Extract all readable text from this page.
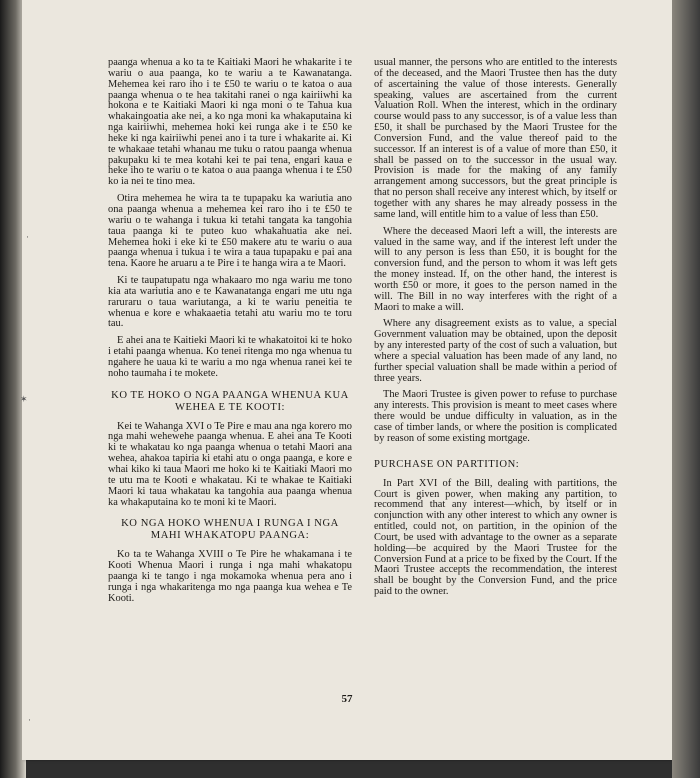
paanga whenua a ko ta te Kaitiaki Maori he whakarite i te wariu o aua paanga, ko te wariu a te Kawanatanga. Mehemea kei raro iho i te £50 te wariu o te katoa o aua paanga whenua o te hea takitahi ranei o nga kairiiwhi ka hokona e te Kaitiaki Maori ki nga moni o te Tahua kua whakaingoatia ake nei, a ko nga moni ka whakaputaina ki nga kairiiwhi, mehemea hoki kei runga ake i te £50 ke heke ki nga kairiiwhi penei ano i ta ture i whakarite ai. Ki te whakaae tetahi whanau me tuku o ratou paanga whenua pakupaku ki te mea kotahi kei te pai tena, engari kaua e heke iho te wariu o te katoa o aua paanga whenua i te £50 ko ia nei te tino mea.

Otira mehemea he wira ta te tupapaku ka wariutia ano ona paanga whenua a mehemea kei raro iho i te £50 te wariu o te wahanga i tukua ki tetahi tangata ka tangohia taua paanga ki te puteo kuo whakahuatia ake nei. Mehemea hoki i eke ki te £50 makere atu te wariu o aua paanga whenua i tukua i te wira a taua tupapaku e pai ana tena. Kaore he aruaru a te Pire i te hanga wira a te Maori.

Ki te taupatupatu nga whakaaro mo nga wariu me tono kia ata wariutia ano e te Kawanatanga engari me utu nga raruraru o taua wariutanga, a ki te wariu peneitia te whenua e kore e whakaaetia tetahi atu wariu mo te toru tau.

E ahei ana te Kaitieki Maori ki te whakatoitoi ki te hoko i etahi paanga whenua. Ko tenei ritenga mo nga whenua tu ngahere he uaua ki te wariu a mo nga whenua ranei kei te noho taumaha i te mokete.

KO TE HOKO O NGA PAANGA WHENUA KUA WEHEA E TE KOOTI:

Kei te Wahanga XVI o Te Pire e mau ana nga korero mo nga mahi wehewehe paanga whenua. E ahei ana Te Kooti ki te whakatau ko nga paanga whenua o tetahi Maori ana wehea, ahakoa tapiria ki etahi atu o onga paanga, e kore e whai kiko ki taua Maori me hoko ki te Kaitiaki Maori mo te utu ma te Kooti e whakatau. Ki te whakae te Kaitiaki Maori ki taua whakatau ka tangohia aua paanga whenua ka whakaputaina ko te moni ki te Maori.

KO NGA HOKO WHENUA I RUNGA I NGA MAHI WHAKATOPU PAANGA:

Ko ta te Wahanga XVIII o Te Pire he whakamana i te Kooti Whenua Maori i runga i nga mahi whakatopu paanga ki te tango i nga mokamoka whenua pera ano i runga i nga whakaritenga mo nga paanga kua wehea e Te Kooti.

usual manner, the persons who are entitled to the interests of the deceased, and the Maori Trustee then has the duty of ascertaining the value of those interests. Generally speaking, values are ascertained from the current Valuation Roll. When the interest, which in the ordinary course would pass to any successor, is of a value less than £50, it shall be purchased by the Maori Trustee for the Conversion Fund, and the value thereof paid to the successor. If an interest is of a value of more than £50, it shall be passed on to the successor in the usual way. Provision is made for the making of any family arrangement among successors, but the great principle is that no person shall receive any interest which, by itself or together with any shares he may already possess in the same land, will entitle him to a value of less than £50.

Where the deceased Maori left a will, the interests are valued in the same way, and if the interest left under the will to any person is less than £50, it is bought for the conversion fund, and the person to whom it was left gets the money instead. If, on the other hand, the interest is worth £50 or more, it goes to the person named in the will. The Bill in no way interferes with the right of a Maori to make a will.

Where any disagreement exists as to value, a special Government valuation may be obtained, upon the deposit by any interested party of the cost of such a valuation, but where a special valuation has been made of any land, no further special valuation shall be made within a period of three years.

The Maori Trustee is given power to refuse to purchase any interests. This provision is meant to meet cases where there would be undue difficulty in valuation, as in the case of timber lands, or where the position is complicated by reason of some existing mortgage.

PURCHASE ON PARTITION:

In Part XVI of the Bill, dealing with partitions, the Court is given power, when making any partition, to recommend that any interest—which, by itself or in conjunction with any other interest to which any owner is entitled, could not, on partition, in the opinion of the Court, be used with advantage to the owner as a separate holding—be acquired by the Maori Trustee for the Conversion Fund at a price to be fixed by the Court. If the Maori Trustee accepts the recommendation, the interest shall be bought by the Conversion Fund, and the price paid to the owner.

57
✶
·
·
